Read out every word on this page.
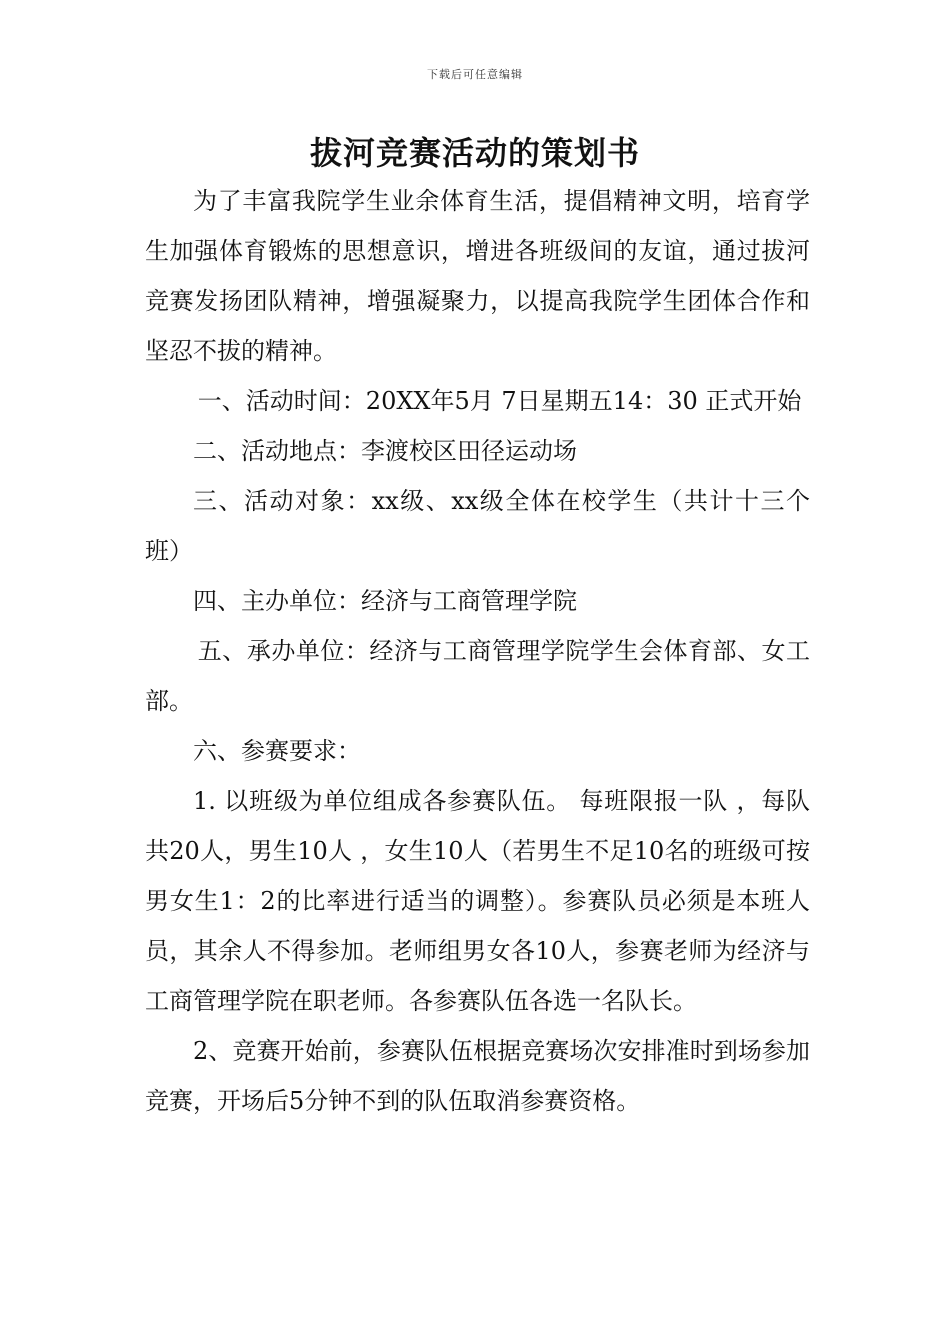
下载后可任意编辑
拔河竞赛活动的策划书

为了丰富我院学生业余体育生活，提倡精神文明，培育学生加强体育锻炼的思想意识，增进各班级间的友谊，通过拔河竞赛发扬团队精神，增强凝聚力，以提高我院学生团体合作和坚忍不拔的精神。

一、活动时间：20XX年5月 7日星期五14：30 正式开始

二、活动地点：李渡校区田径运动场

三、活动对象：xx级、xx级全体在校学生（共计十三个班）

四、主办单位：经济与工商管理学院

五、承办单位：经济与工商管理学院学生会体育部、女工部。

六、参赛要求：

1. 以班级为单位组成各参赛队伍。 每班限报一队 ，每队共20人，男生10人 ，女生10人（若男生不足10名的班级可按男女生1：2的比率进行适当的调整）。参赛队员必须是本班人员，其余人不得参加。老师组男女各10人，参赛老师为经济与工商管理学院在职老师。各参赛队伍各选一名队长。

2、竞赛开始前，参赛队伍根据竞赛场次安排准时到场参加竞赛，开场后5分钟不到的队伍取消参赛资格。
